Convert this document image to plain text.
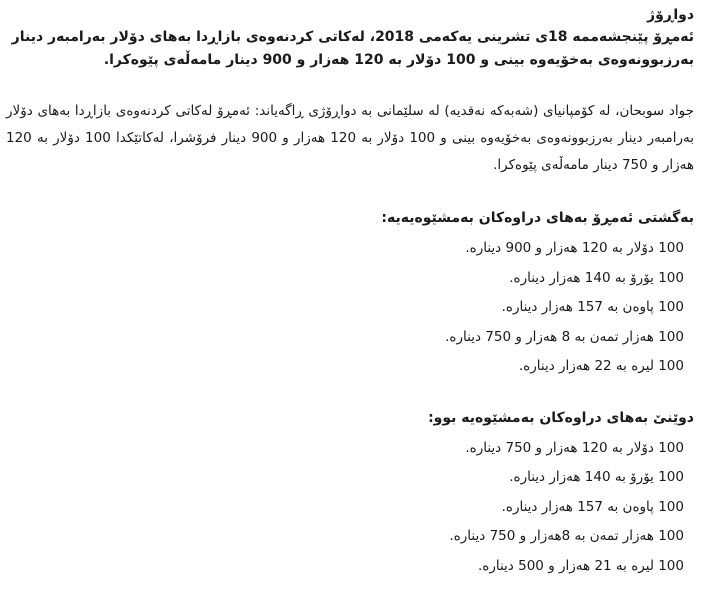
دواڕۆژ

ئەمڕۆ پێنجشەممە 18ی تشرینی یەکەمی 2018، لەکاتی کردنەوەی بازاڕدا بەهای دۆلار بەرامبەر دینار بەرزبوونەوەی بەخۆیەوە بینی و 100 دۆلار بە 120 هەزار و 900 دینار مامەڵەی پێوەکرا.

جواد سوبحان، لە کۆمپانیای (شەبەکە نەقدیە) لە سلێمانی بە دواڕۆژی ڕاگەیاند: ئەمڕۆ لەکاتی کردنەوەی بازاڕدا بەهای دۆلار بەرامبەر دینار بەرزبوونەوەی بەخۆیەوە بینی و 100 دۆلار بە 120 هەزار و 900 دینار فرۆشرا، لەکاتێکدا 100 دۆلار بە 120 هەزار و 750 دینار مامەڵەی پێوەکرا.

بەگشتی ئەمڕۆ بەهای دراوەکان بەمشێوەیەیە:

100 دۆلار بە 120 هەزار و 900 دینارە.
100 یۆرۆ بە 140 هەزار دینارە.
100 پاوەن بە 157 هەزار دینارە.
100 هەزار تمەن بە 8 هەزار و 750 دینارە.
100 لیرە بە 22 هەزار دینارە.

دوێنێ بەهای دراوەکان بەمشێوەیە بوو:

100 دۆلار بە 120 هەزار و 750 دینارە.
100 یۆرۆ بە 140 هەزار دینارە.
100 پاوەن بە 157 هەزار دینارە.
100 هەزار تمەن بە 8هەزار و 750 دینارە.
100 لیرە بە 21 هەزار و 500 دینارە.
